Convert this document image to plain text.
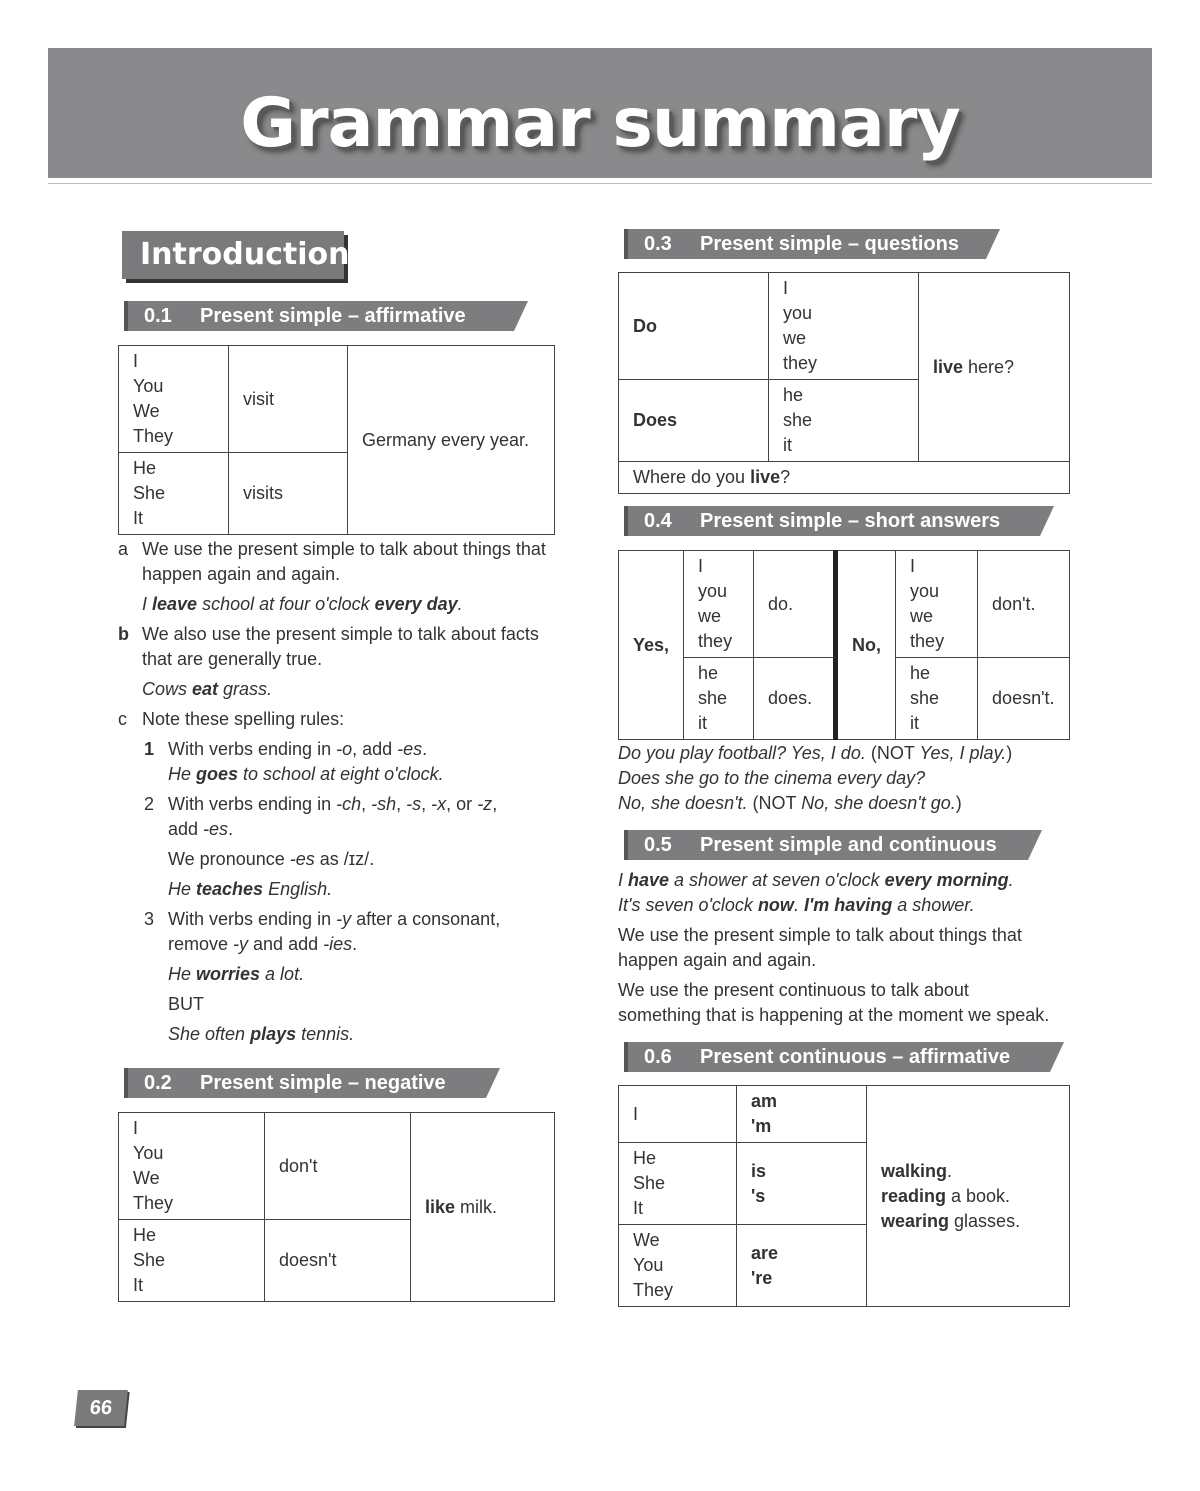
Grammar summary
Introduction
0.1 Present simple – affirmative
I
You
We
They	visit	Germany every year.

He
She
It	visits	
a We use the present simple to talk about things that
happen again and again.
I leave school at four o'clock every day.
b We also use the present simple to talk about facts
that are generally true.
Cows eat grass.
c Note these spelling rules:
1 With verbs ending in -o, add -es.
He goes to school at eight o'clock.
2 With verbs ending in -ch, -sh, -s, -x, or -z,
add -es.
We pronounce -es as /ɪz/.
He teaches English.
3 With verbs ending in -y after a consonant,
remove -y and add -ies.
He worries a lot.
BUT
She often plays tennis.
0.2 Present simple – negative
I
You
We
They	don't	like milk.

He
She
It	doesn't	
0.3 Present simple – questions
Do	I
you
we
they	live here?
Does	he
she
it	

Where do you live?		
0.4 Present simple – short answers
Yes,	I
you
we
they	do.	No,	I
you
we
they	don't.

	he
she
it	does.		he
she
it	doesn't.
Do you play football? Yes, I do. (NOT Yes, I play.)
Does she go to the cinema every day?
No, she doesn't. (NOT No, she doesn't go.)
0.5 Present simple and continuous
I have a shower at seven o'clock every morning.
It's seven o'clock now. I'm having a shower.
We use the present simple to talk about things that
happen again and again.
We use the present continuous to talk about
something that is happening at the moment we speak.
0.6 Present continuous – affirmative
I	am
'm	walking.
reading a book.
wearing glasses.

He
She
It	is
's	

We
You
They	are
're	
66
